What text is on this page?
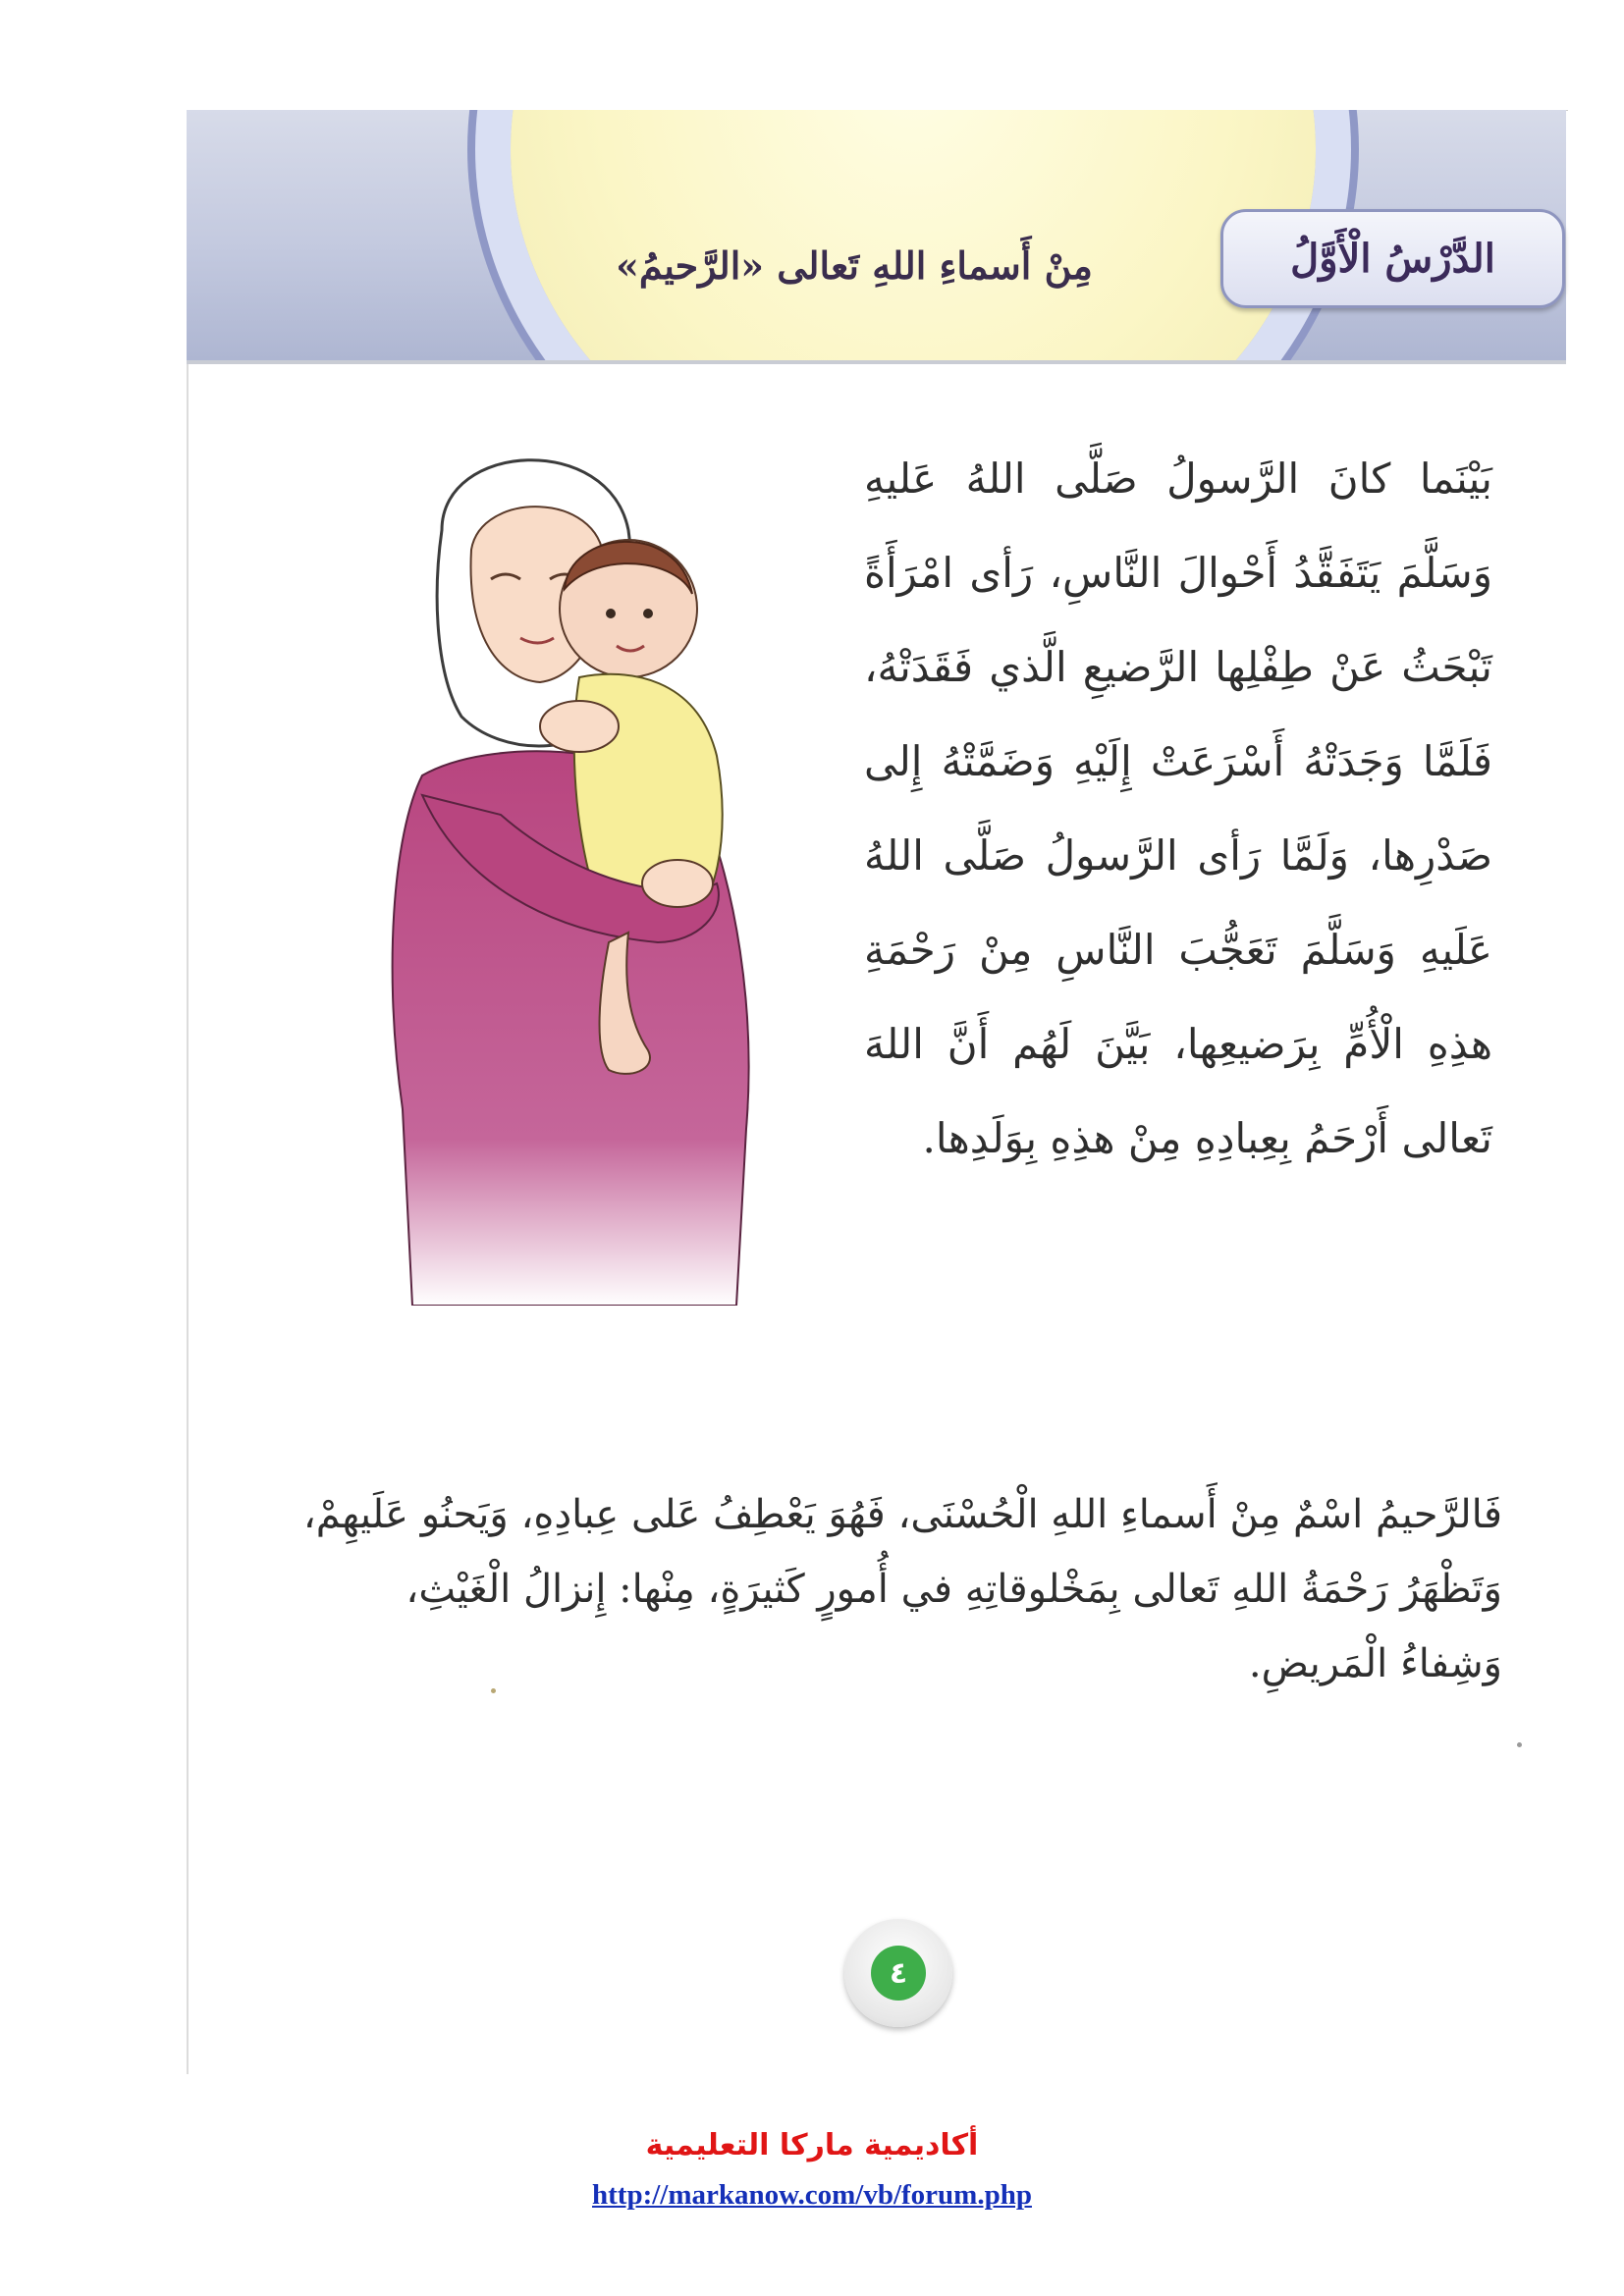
الدَّرْسُ الْأَوَّلُ
مِنْ أَسماءِ اللهِ تَعالى «الرَّحيمُ»
بَيْنَما كانَ الرَّسولُ صَلَّى اللهُ عَليهِ وَسَلَّمَ يَتَفَقَّدُ أَحْوالَ النَّاسِ، رَأى امْرَأَةً تَبْحَثُ عَنْ طِفْلِها الرَّضيعِ الَّذي فَقَدَتْهُ، فَلَمَّا وَجَدَتْهُ أَسْرَعَتْ إِلَيْهِ وَضَمَّتْهُ إِلى صَدْرِها، وَلَمَّا رَأى الرَّسولُ صَلَّى اللهُ عَلَيهِ وَسَلَّمَ تَعَجُّبَ النَّاسِ مِنْ رَحْمَةِ هذِهِ الْأُمِّ بِرَضيعِها، بَيَّنَ لَهُم أَنَّ اللهَ تَعالى أَرْحَمُ بِعِبادِهِ مِنْ هذِهِ بِوَلَدِها.
فَالرَّحيمُ اسْمٌ مِنْ أَسماءِ اللهِ الْحُسْنَى، فَهُوَ يَعْطِفُ عَلى عِبادِهِ، وَيَحنُو عَلَيهِمْ، وَتَظْهَرُ رَحْمَةُ اللهِ تَعالى بِمَخْلوقاتِهِ في أُمورٍ كَثيرَةٍ، مِنْها: إِنزالُ الْغَيْثِ، وَشِفاءُ الْمَريضِ.
٤
أكاديمية ماركا التعليمية
http://markanow.com/vb/forum.php
